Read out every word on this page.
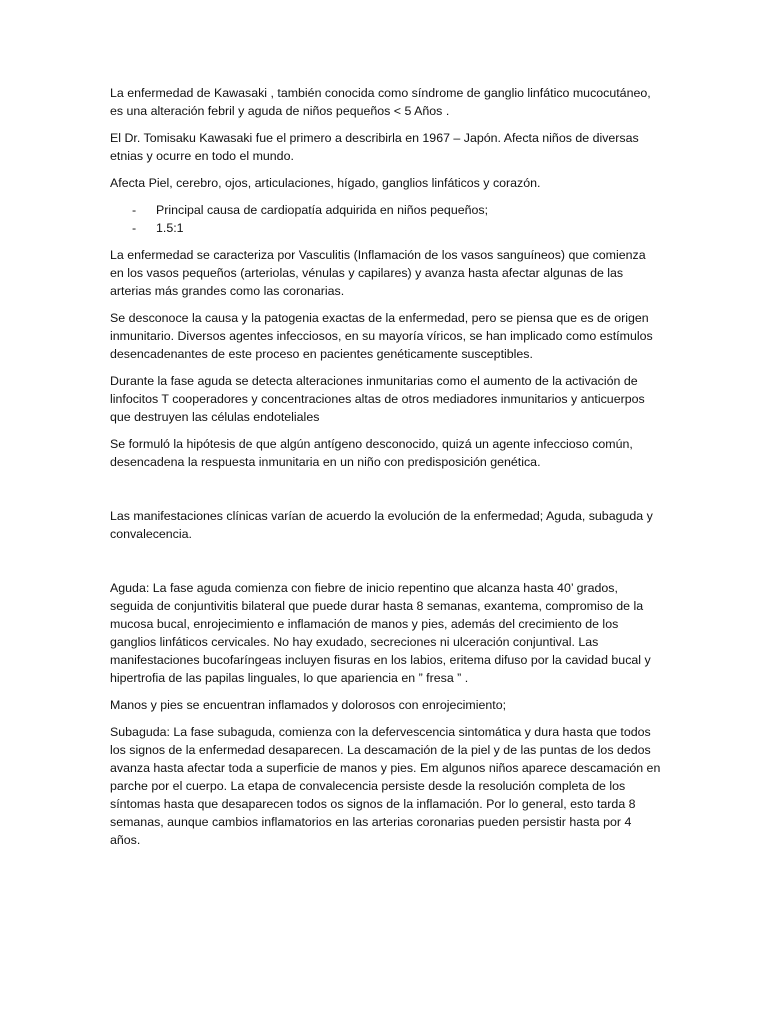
La enfermedad de Kawasaki , también conocida como síndrome de ganglio linfático mucocutáneo, es una alteración febril y aguda de niños pequeños < 5 Años .

El Dr. Tomisaku Kawasaki fue el primero a describirla en 1967 – Japón. Afecta niños de diversas etnias y ocurre en todo el mundo.

Afecta Piel, cerebro, ojos, articulaciones, hígado, ganglios linfáticos y corazón.

- Principal causa de cardiopatía adquirida en niños pequeños;
- 1.5:1

La enfermedad se caracteriza por Vasculitis (Inflamación de los vasos sanguíneos) que comienza en los vasos pequeños (arteriolas, vénulas y capilares) y avanza hasta afectar algunas de las arterias más grandes como las coronarias.

Se desconoce la causa y la patogenia exactas de la enfermedad, pero se piensa que es de origen inmunitario. Diversos agentes infecciosos, en su mayoría víricos, se han implicado como estímulos desencadenantes de este proceso en pacientes genéticamente susceptibles.

Durante la fase aguda se detecta alteraciones inmunitarias como el aumento de la activación de linfocitos T cooperadores y concentraciones altas de otros mediadores inmunitarios y anticuerpos que destruyen las células endoteliales

Se formuló la hipótesis de que algún antígeno desconocido, quizá un agente infeccioso común, desencadena la respuesta inmunitaria en un niño con predisposición genética.

Las manifestaciones clínicas varían de acuerdo la evolución de la enfermedad; Aguda, subaguda y convalecencia.

Aguda: La fase aguda comienza con fiebre de inicio repentino que alcanza hasta 40’ grados, seguida de conjuntivitis bilateral que puede durar hasta 8 semanas, exantema, compromiso de la mucosa bucal, enrojecimiento e inflamación de manos y pies, además del crecimiento de los ganglios linfáticos cervicales. No hay exudado, secreciones ni ulceración conjuntival. Las manifestaciones bucofaríngeas incluyen fisuras en los labios, eritema difuso por la cavidad bucal y hipertrofia de las papilas linguales, lo que apariencia en ” fresa ” .

Manos y pies se encuentran inflamados y dolorosos con enrojecimiento;

Subaguda: La fase subaguda, comienza con la defervescencia sintomática y dura hasta que todos los signos de la enfermedad desaparecen. La descamación de la piel y de las puntas de los dedos avanza hasta afectar toda a superficie de manos y pies. Em algunos niños aparece descamación en parche por el cuerpo. La etapa de convalecencia persiste desde la resolución completa de los síntomas hasta que desaparecen todos os signos de la inflamación. Por lo general, esto tarda 8 semanas, aunque cambios inflamatorios en las arterias coronarias pueden persistir hasta por 4 años.
